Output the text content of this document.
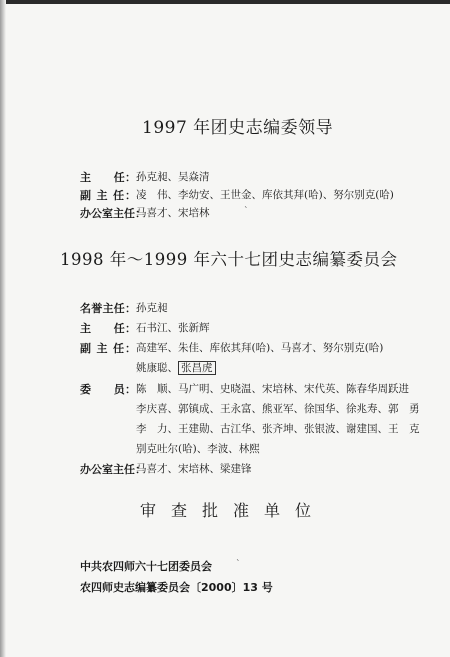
1997 年团史志编委领导
主　　任： 孙克昶、吴焱清
副 主 任： 凌　伟、李幼安、王世金、库依其拜(哈)、努尔别克(哈)
办公室主任：
马喜才、宋培林	ˋ
1998 年～1999 年六十七团史志编纂委员会
名誉主任： 孙克昶
主　　任： 石书江、张新辉
副 主 任： 高建军、朱佳、库依其拜(哈)、马喜才、努尔别克(哈)
姚康聪、 张昌虎
委　　员： 陈　顺、马广明、史晓温、宋培林、宋代英、陈春华周跃进
李庆喜、郭镇成、王永富、熊亚军、徐国华、徐兆寿、郭　勇
李　力、王建勋、古江华、张齐坤、张银波、谢建国、王　克
别克吐尔(哈)、李波、林熙
办公室主任：
马喜才、宋培林、梁建锋
审查批准单位
中共农四师六十七团委员会	ˋ
农四师史志编纂委员会〔2000〕13 号
